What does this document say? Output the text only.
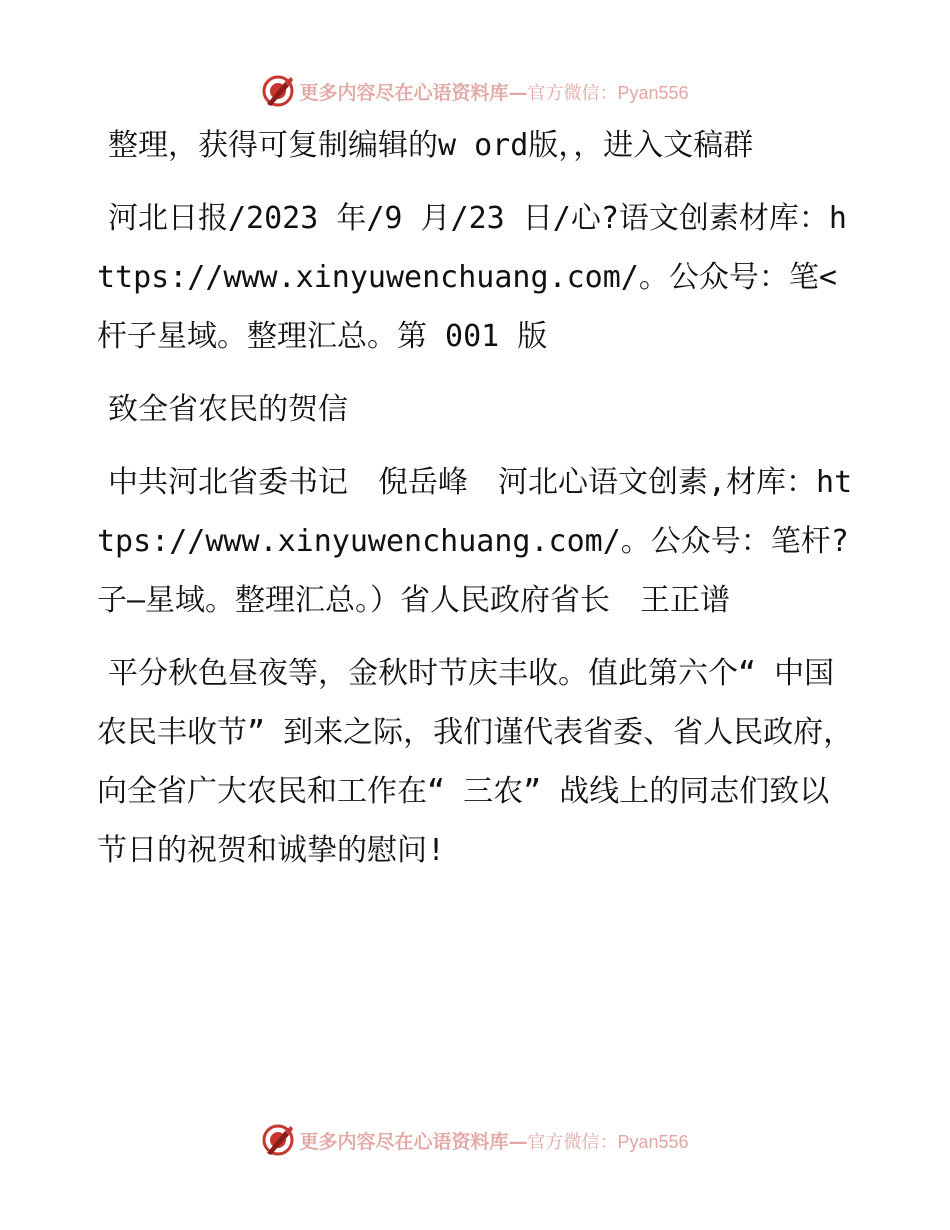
更多内容尽在心语资料库—官方微信：Pyan556

整理，获得可复制编辑的w ord版，，进入文稿群

河北日报/2023 年/9 月/23 日/心?语文创素材库：https://www.xinyuwenchuang.com/。公众号：笔<杆子星域。整理汇总。第 001 版

致全省农民的贺信

中共河北省委书记　倪岳峰　河北心语文创素,材库：https://www.xinyuwenchuang.com/。公众号：笔杆?子—星域。整理汇总。）省人民政府省长　王正谱

平分秋色昼夜等，金秋时节庆丰收。值此第六个“ 中国农民丰收节” 到来之际，我们谨代表省委、省人民政府，向全省广大农民和工作在“ 三农” 战线上的同志们致以节日的祝贺和诚挚的慰问!

更多内容尽在心语资料库—官方微信：Pyan556
